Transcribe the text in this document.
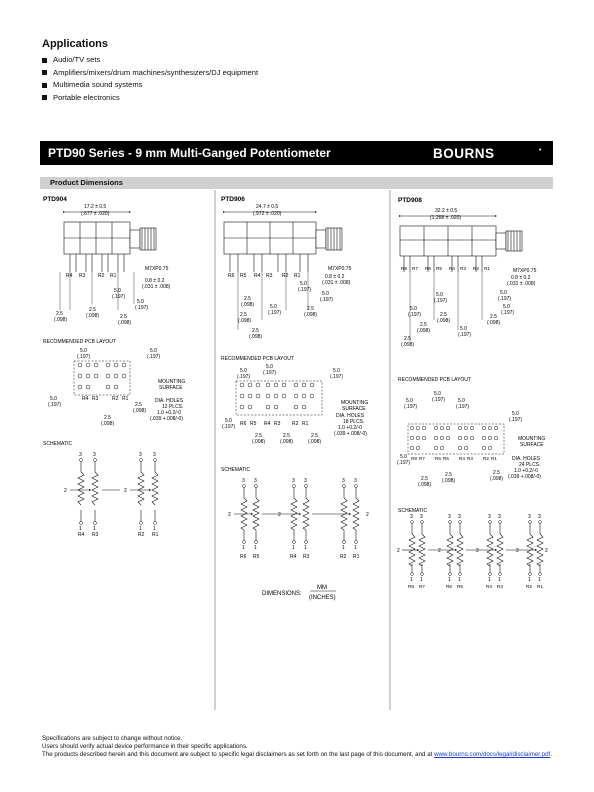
Applications
Audio/TV sets
Amplifiers/mixers/drum machines/synthesizers/DJ equipment
Multimedia sound systems
Portable electronics
PTD90 Series - 9 mm Multi-Ganged Potentiometer	BOURNS	•
Product Dimensions
PTD904
17.2 ± 0.5
(.677 ± .020)
R4 R3	R2 R1
M7XP0.75
0.8 ± 0.2
(.031 ± .008)
5.0
(.197)
5.0
(.197)
2.5
(.098)	2.5
(.098)
2.5
(.098)
RECOMMENDED PCB LAYOUT
5.0
(.197)
5.0
(.197)
MOUNTING
SURFACE
5.0
(.197)
R4 R3	R2 R1	DIA. HOLES
12 PLCS.
1.0 +0.2/-0
(.039 +.008/-0)
2.5
(.098)
2.5
(.098)
SCHEMATIC
3 3	3 3
2	2
1 1	1 1
R4 R3	R2 R1
PTD906
24.7 ± 0.5
(.972 ± .020)
R6 R5 R4 R3 R2 R1
M7XP0.75
0.8 ± 0.2
(.031 ± .008)
5.0
(.197)
5.0
(.197)
2.5
(.098)
5.0
(.197)
2.5
(.098)
2.5
(.098)
2.5
(.098)
RECOMMENDED PCB LAYOUT
5.0
(.197)
5.0
(.197)	5.0
(.197)
MOUNTING
SURFACE
5.0
(.197) R6 R5 R4 R3 R2 R1
DIA. HOLES
18 PLCS.
1.0 +0.2/-0
(.039 +.008/-0)
2.5
(.098)
2.5
(.098)
2.5
(.098)
SCHEMATIC
3 3	3 3	3 3
2	2	2
1 1	1 1	1 1
R6 R5	R4 R3	R2 R1
DIMENSIONS:
MM
(INCHES)
PTD908
32.2 ± 0.5
(1.268 ± .020)
R8 R7 R6 R5 R4 R3 R2 R1	M7XP0.75
0.8 ± 0.2
(.031 ± .008)
5.0
(.197)
5.0
(.197)
5.0
(.197)
5.0
(.197)
5.0
(.197)
2.5
(.098)
2.5
(.098)
2.5
(.098)
2.5
(.098)
RECOMMENDED PCB LAYOUT
5.0
(.197)
5.0
(.197)	5.0
(.197)
5.0
(.197)
MOUNTING
SURFACE
5.0
(.197)
R8 R7 R6 R5 R4 R3 R2 R1	DIA. HOLES
24 PLCS.
1.0 +0.2/-0
(.039 +.008/-0)
2.5
(.098)
2.5
(.098)
2.5
(.098)
SCHEMATIC
3 3	3 3	3 3	3 3
2	2	2	2	2
1 1	1 1	1 1	1 1
R8 R7	R6 R5	R4 R3	R2 R1
Specifications are subject to change without notice.
Users should verify actual device performance in their specific applications.
The products described herein and this document are subject to specific legal disclaimers as set forth on the last page of this document, and at www.bourns.com/docs/legal/disclaimer.pdf.
